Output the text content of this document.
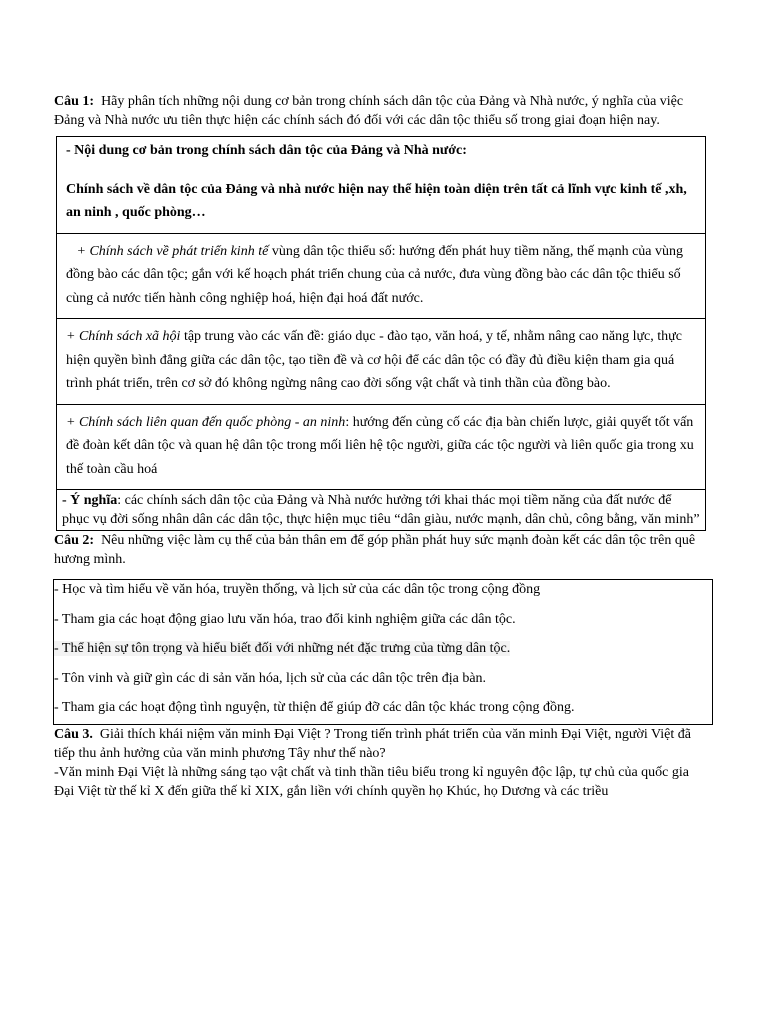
Câu 1: Hãy phân tích những nội dung cơ bản trong chính sách dân tộc của Đảng và Nhà nước, ý nghĩa của việc Đảng và Nhà nước ưu tiên thực hiện các chính sách đó đối với các dân tộc thiểu số trong giai đoạn hiện nay.

- Nội dung cơ bản trong chính sách dân tộc của Đảng và Nhà nước:
Chính sách về dân tộc của Đảng và nhà nước hiện nay thể hiện toàn diện trên tất cả lĩnh vực kinh tế ,xh, an ninh , quốc phòng…
+ Chính sách về phát triển kinh tế vùng dân tộc thiểu số: hướng đến phát huy tiềm năng, thế mạnh của vùng đồng bào các dân tộc; gắn với kế hoạch phát triển chung của cả nước, đưa vùng đồng bào các dân tộc thiểu số cùng cả nước tiến hành công nghiệp hoá, hiện đại hoá đất nước.
+ Chính sách xã hội tập trung vào các vấn đề: giáo dục - đào tạo, văn hoá, y tế, nhằm nâng cao năng lực, thực hiện quyền bình đẳng giữa các dân tộc, tạo tiền đề và cơ hội để các dân tộc có đầy đủ điều kiện tham gia quá trình phát triển, trên cơ sở đó không ngừng nâng cao đời sống vật chất và tinh thần của đồng bào.
+ Chính sách liên quan đến quốc phòng - an ninh: hướng đến củng cố các địa bàn chiến lược, giải quyết tốt vấn đề đoàn kết dân tộc và quan hệ dân tộc trong mối liên hệ tộc người, giữa các tộc người và liên quốc gia trong xu thế toàn cầu hoá
- Ý nghĩa: các chính sách dân tộc của Đảng và Nhà nước hưởng tới khai thác mọi tiềm năng của đất nước để phục vụ đời sống nhân dân các dân tộc, thực hiện mục tiêu “dân giàu, nước mạnh, dân chủ, công bằng, văn minh”

Câu 2: Nêu những việc làm cụ thể của bản thân em để góp phần phát huy sức mạnh đoàn kết các dân tộc trên quê hương mình.

- Học và tìm hiểu về văn hóa, truyền thống, và lịch sử của các dân tộc trong cộng đồng
- Tham gia các hoạt động giao lưu văn hóa, trao đổi kinh nghiệm giữa các dân tộc.
- Thể hiện sự tôn trọng và hiểu biết đối với những nét đặc trưng của từng dân tộc.
- Tôn vinh và giữ gìn các di sản văn hóa, lịch sử của các dân tộc trên địa bàn.
- Tham gia các hoạt động tình nguyện, từ thiện để giúp đỡ các dân tộc khác trong cộng đồng.

Câu 3. Giải thích khái niệm văn minh Đại Việt ? Trong tiến trình phát triển của văn minh Đại Việt, người Việt đã tiếp thu ảnh hưởng của văn minh phương Tây như thế nào?

-Văn minh Đại Việt là những sáng tạo vật chất và tinh thần tiêu biểu trong kỉ nguyên độc lập, tự chủ của quốc gia Đại Việt từ thế kỉ X đến giữa thế kỉ XIX, gắn liền với chính quyền họ Khúc, họ Dương và các triều
